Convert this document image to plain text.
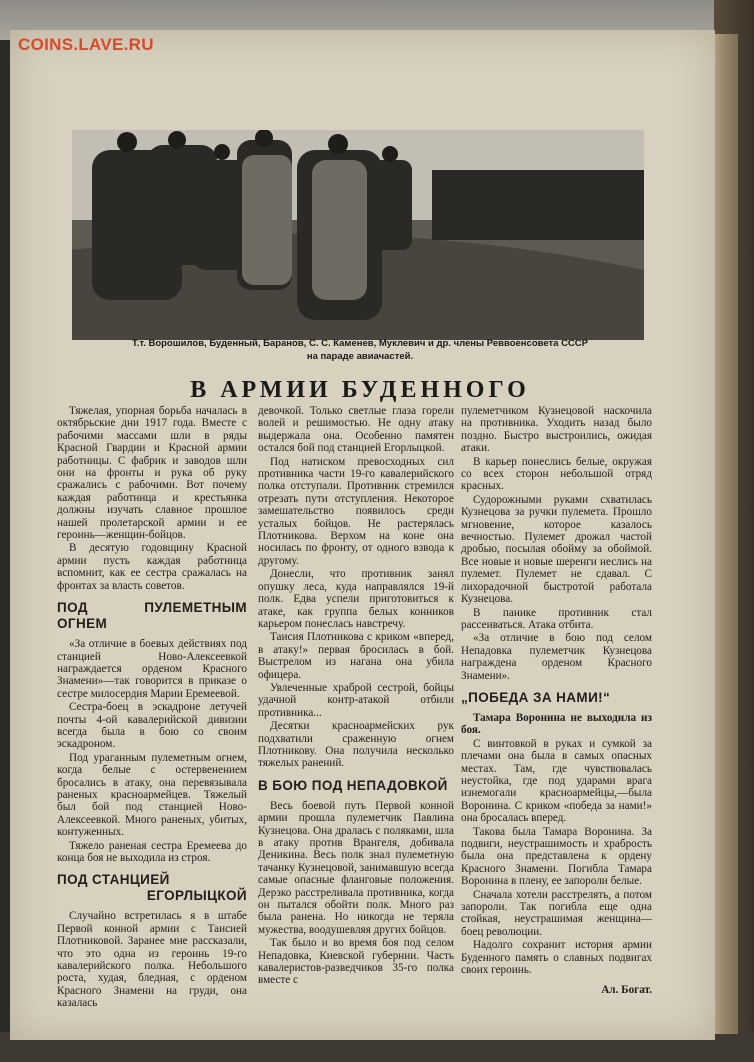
COINS.LAVE.RU
Т.т. Ворошилов, Буденный, Баранов, С. С. Каменев, Муклевич и др. члены Реввоенсовета СССР
на параде авиачастей.
В АРМИИ БУДЕННОГО

Тяжелая, упорная борьба началась в октябрьские дни 1917 года. Вместе с рабочими массами шли в ряды Красной Гвардии и Красной армии работницы. С фабрик и заводов шли они на фронты и рука об руку сражались с рабочими. Вот почему каждая работница и крестьянка должны изучать славное прошлое нашей пролетарской армии и ее героинь—женщин-бойцов.

В десятую годовщину Красной армии пусть каждая работница вспомнит, как ее сестра сражалась на фронтах за власть советов.

ПОД ПУЛЕМЕТНЫМ ОГНЕМ

«За отличие в боевых действиях под станцией Ново-Алексеевкой награждается орденом Красного Знамени»—так говорится в приказе о сестре милосердия Марии Еремеевой.

Сестра-боец в эскадроне летучей почты 4-ой кавалерийской дивизии всегда была в бою со своим эскадроном.

Под ураганным пулеметным огнем, когда белые с остервенением бросались в атаку, она перевязывала раненых красноармейцев. Тяжелый был бой под станцией Ново-Алексеевкой. Много раненых, убитых, контуженных.

Тяжело раненая сестра Еремеева до конца боя не выходила из строя.

ПОД СТАНЦИЕЙ
ЕГОРЛЫЦКОЙ

Случайно встретилась я в штабе Первой конной армии с Таисией Плотниковой. Заранее мне рассказали, что это одна из героинь 19-го кавалерийского полка. Небольшого роста, худая, бледная, с орденом Красного Знамени на груди, она казалась

девочкой. Только светлые глаза горели волей и решимостью. Не одну атаку выдержала она. Особенно памятен остался бой под станцией Егорлыцкой.

Под натиском превосходных сил противника части 19-го кавалерийского полка отступали. Противник стремился отрезать пути отступления. Некоторое замешательство появилось среди усталых бойцов. Не растерялась Плотникова. Верхом на коне она носилась по фронту, от одного взвода к другому.

Донесли, что противник занял опушку леса, куда направлялся 19-й полк. Едва успели приготовиться к атаке, как группа белых конников карьером понеслась навстречу.

Таисия Плотникова с криком «вперед, в атаку!» первая бросилась в бой. Выстрелом из нагана она убила офицера.

Увлеченные храброй сестрой, бойцы удачной контр-атакой отбили противника...

Десятки красноармейских рук подхватили сраженную огнем Плотникову. Она получила несколько тяжелых ранений.

В БОЮ ПОД НЕПАДОВКОЙ

Весь боевой путь Первой конной армии прошла пулеметчик Павлина Кузнецова. Она дралась с поляками, шла в атаку против Врангеля, добивала Деникина. Весь полк знал пулеметную тачанку Кузнецовой, занимавшую всегда самые опасные фланговые положения. Дерзко расстреливала противника, когда он пытался обойти полк. Много раз была ранена. Но никогда не теряла мужества, воодушевляя других бойцов.

Так было и во время боя под селом Непадовка, Киевской губернии. Часть кавалеристов-разведчиков 35-го полка вместе с

пулеметчиком Кузнецовой наскочила на противника. Уходить назад было поздно. Быстро выстроились, ожидая атаки.

В карьер понеслись белые, окружая со всех сторон небольшой отряд красных.

Судорожными руками схватилась Кузнецова за ручки пулемета. Прошло мгновение, которое казалось вечностью. Пулемет дрожал частой дробью, посылая обойму за обоймой. Все новые и новые шеренги неслись на пулемет. Пулемет не сдавал. С лихорадочной быстротой работала Кузнецова.

В панике противник стал рассеиваться. Атака отбита.

«За отличие в бою под селом Непадовка пулеметчик Кузнецова награждена орденом Красного Знамени».

„ПОБЕДА ЗА НАМИ!“

Тамара Воронина не выходила из боя.

С винтовкой в руках и сумкой за плечами она была в самых опасных местах. Там, где чувствовалась неустойка, где под ударами врага изнемогали красноармейцы,—была Воронина. С криком «победа за нами!» она бросалась вперед.

Такова была Тамара Воронина. За подвиги, неустрашимость и храбрость была она представлена к ордену Красного Знамени. Погибла Тамара Воронина в плену, ее запороли белые.

Сначала хотели расстрелять, а потом запороли. Так погибла еще одна стойкая, неустрашимая женщина—боец революции.

Надолго сохранит история армии Буденного память о славных подвигах своих героинь.

Ал. Богат.
